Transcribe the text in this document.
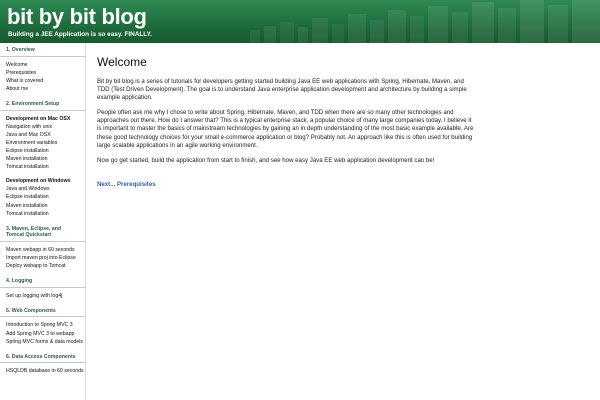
bit by bit blog
Building a JEE Application is so easy. FINALLY.
1. Overview
Welcome
Prerequisites
What is covered
About me
2. Environment Setup
Development on Mac OSX
Navigation with unix
Java and Mac OSX
Environment variables
Eclipse installation
Maven installation
Tomcat installation
Development on Windows
Java and Windows
Eclipse installation
Maven installation
Tomcat installation
3. Maven, Eclipse, and Tomcat Quickstart
Maven webapp in 60 seconds
Import maven proj into Eclipse
Deploy webapp to Tomcat
4. Logging
Set up logging with log4j
5. Web Components
Introduction to Spring MVC 3
Add Spring MVC 3 to webapp
Spring MVC forms & data models
6. Data Access Components
HSQLDB database in 60 seconds
Welcome

Bit by bit blog is a series of tutorials for developers getting started building Java EE web applications with Spring, Hibernate, Maven, and TDD (Test Driven Development). The goal is to understand Java enterprise application development and architecture by building a simple example application.

People often ask me why I chose to write about Spring, Hibernate, Maven, and TDD when there are so many other technologies and approaches out there. How do I answer that? This is a typical enterprise stack, a popular choice of many large companies today. I believe it is important to master the basics of mainstream technologies by gaining an in depth understanding of the most basic example available. Are these good technology choices for your small e-commerce application or blog? Probably not. An approach like this is often used for building large scalable applications in an agile working environment.

Now go get started, build the application from start to finish, and see how easy Java EE web application development can be!

Next... Prerequisites
